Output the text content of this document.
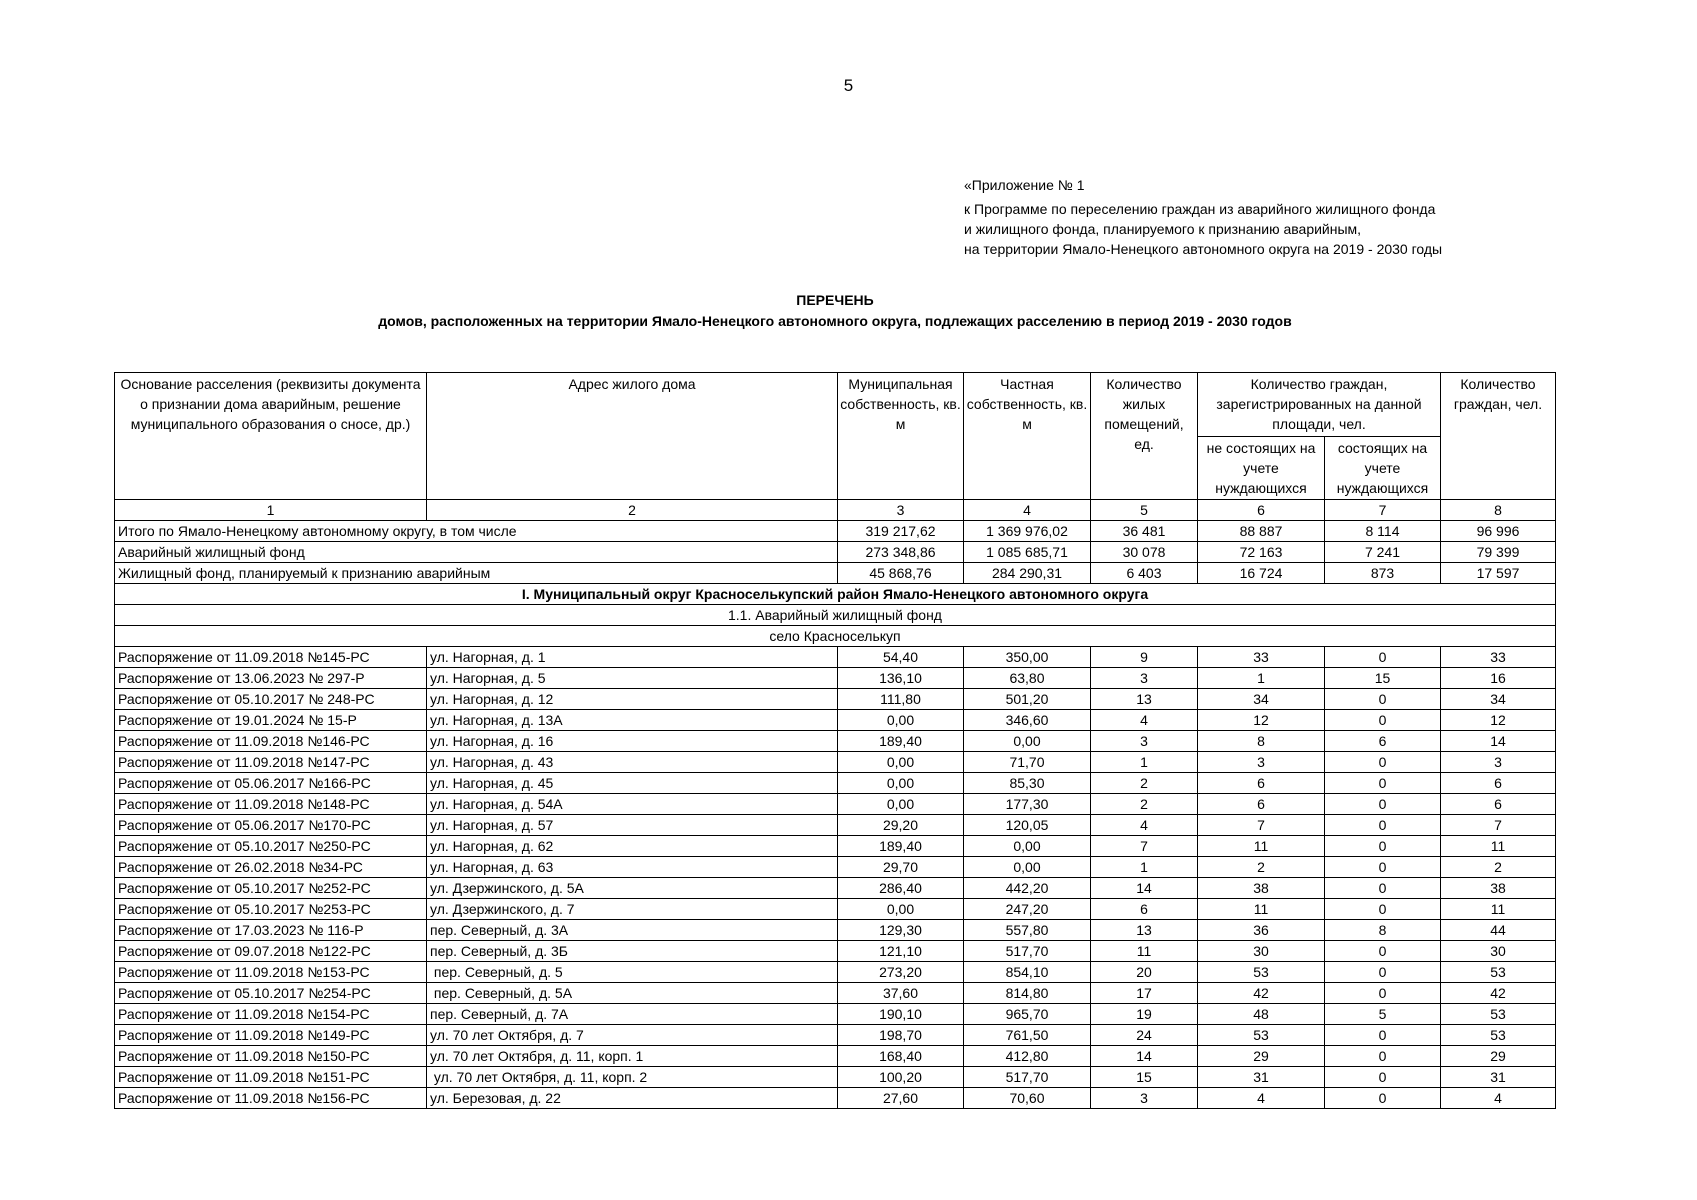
5
«Приложение № 1
к Программе по переселению граждан из аварийного жилищного фонда
и жилищного фонда, планируемого к признанию аварийным,
на территории Ямало-Ненецкого автономного округа на 2019 - 2030 годы
ПЕРЕЧЕНЬ
домов, расположенных на территории Ямало-Ненецкого автономного округа, подлежащих расселению в период 2019 - 2030 годов
Основание расселения (реквизиты документа о признании дома аварийным, решение муниципального образования о сносе, др.)	Адрес жилого дома	Муниципальная собственность, кв. м	Частная собственность, кв. м	Количество жилых помещений, ед.	Количество граждан, зарегистрированных на данной площади, чел.		Количество граждан, чел.
					не состоящих на учете нуждающихся	состоящих на учете нуждающихся	
1	2	3	4	5	6	7	8
Итого по Ямало-Ненецкому автономному округу, в том числе		319 217,62	1 369 976,02	36 481	88 887	8 114	96 996
Аварийный жилищный фонд		273 348,86	1 085 685,71	30 078	72 163	7 241	79 399
Жилищный фонд, планируемый к признанию аварийным		45 868,76	284 290,31	6 403	16 724	873	17 597
I. Муниципальный округ Красноселькупский район Ямало-Ненецкого автономного округа							
1.1. Аварийный жилищный фонд							
село Красноселькуп							
Распоряжение от 11.09.2018 №145-РС	ул. Нагорная, д. 1	54,40	350,00	9	33	0	33
Распоряжение от 13.06.2023 № 297-Р	ул. Нагорная, д. 5	136,10	63,80	3	1	15	16
Распоряжение от 05.10.2017 № 248-РС	ул. Нагорная, д. 12	111,80	501,20	13	34	0	34
Распоряжение от 19.01.2024 № 15-Р	ул. Нагорная, д. 13А	0,00	346,60	4	12	0	12
Распоряжение от 11.09.2018 №146-РС	ул. Нагорная, д. 16	189,40	0,00	3	8	6	14
Распоряжение от 11.09.2018 №147-РС	ул. Нагорная, д. 43	0,00	71,70	1	3	0	3
Распоряжение от 05.06.2017 №166-РС	ул. Нагорная, д. 45	0,00	85,30	2	6	0	6
Распоряжение от 11.09.2018 №148-РС	ул. Нагорная, д. 54А	0,00	177,30	2	6	0	6
Распоряжение от 05.06.2017 №170-РС	ул. Нагорная, д. 57	29,20	120,05	4	7	0	7
Распоряжение от 05.10.2017 №250-РС	ул. Нагорная, д. 62	189,40	0,00	7	11	0	11
Распоряжение от 26.02.2018 №34-РС	ул. Нагорная, д. 63	29,70	0,00	1	2	0	2
Распоряжение от 05.10.2017 №252-РС	ул. Дзержинского, д. 5А	286,40	442,20	14	38	0	38
Распоряжение от 05.10.2017 №253-РС	ул. Дзержинского, д. 7	0,00	247,20	6	11	0	11
Распоряжение от 17.03.2023 № 116-Р	пер. Северный, д. 3А	129,30	557,80	13	36	8	44
Распоряжение от 09.07.2018 №122-РС	пер. Северный, д. 3Б	121,10	517,70	11	30	0	30
Распоряжение от 11.09.2018 №153-РС	пер. Северный, д. 5	273,20	854,10	20	53	0	53
Распоряжение от 05.10.2017 №254-РС	пер. Северный, д. 5А	37,60	814,80	17	42	0	42
Распоряжение от 11.09.2018 №154-РС	пер. Северный, д. 7А	190,10	965,70	19	48	5	53
Распоряжение от 11.09.2018 №149-РС	ул. 70 лет Октября, д. 7	198,70	761,50	24	53	0	53
Распоряжение от 11.09.2018 №150-РС	ул. 70 лет Октября, д. 11, корп. 1	168,40	412,80	14	29	0	29
Распоряжение от 11.09.2018 №151-РС	ул. 70 лет Октября, д. 11, корп. 2	100,20	517,70	15	31	0	31
Распоряжение от 11.09.2018 №156-РС	ул. Березовая, д. 22	27,60	70,60	3	4	0	4
